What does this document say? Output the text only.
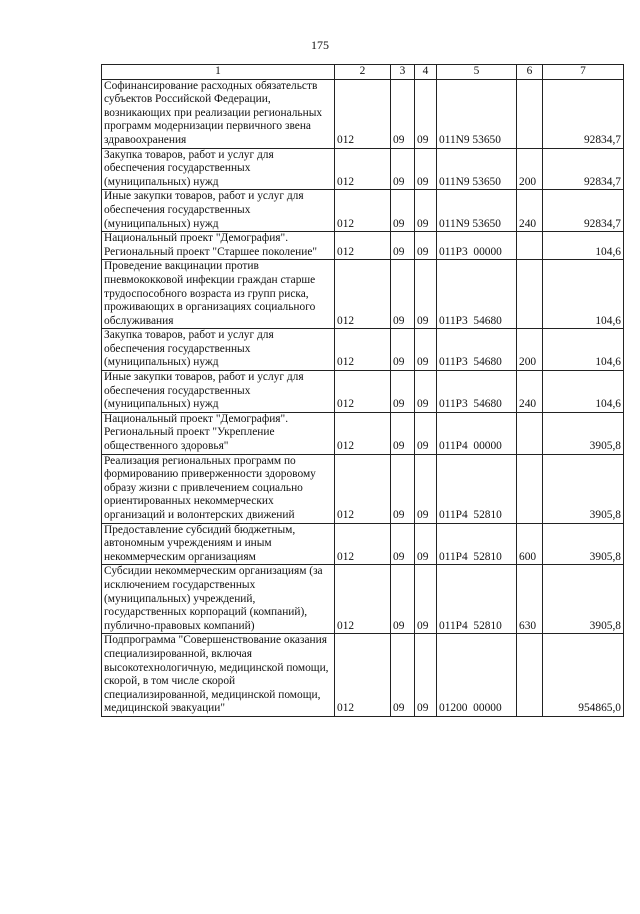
175
1	2	3	4	5	6	7
Софинансирование расходных обязательств субъектов Российской Федерации, возникающих при реализации региональных программ модернизации первичного звена здравоохранения	012	09	09	011N9 53650		92834,7
Закупка товаров, работ и услуг для обеспечения государственных (муниципальных) нужд	012	09	09	011N9 53650	200	92834,7
Иные закупки товаров, работ и услуг для обеспечения государственных (муниципальных) нужд	012	09	09	011N9 53650	240	92834,7
Национальный проект "Демография". Региональный проект "Старшее поколение"	012	09	09	011P3  00000		104,6
Проведение вакцинации против пневмококковой инфекции граждан старше трудоспособного возраста из групп риска, проживающих в организациях социального обслуживания	012	09	09	011P3  54680		104,6
Закупка товаров, работ и услуг для обеспечения государственных (муниципальных) нужд	012	09	09	011P3  54680	200	104,6
Иные закупки товаров, работ и услуг для обеспечения государственных (муниципальных) нужд	012	09	09	011P3  54680	240	104,6
Национальный проект "Демография". Региональный проект "Укрепление общественного здоровья"	012	09	09	011P4  00000		3905,8
Реализация региональных программ по формированию приверженности здоровому образу жизни с привлечением социально ориентированных некоммерческих организаций и волонтерских движений	012	09	09	011P4  52810		3905,8
Предоставление субсидий бюджетным, автономным учреждениям и иным некоммерческим организациям	012	09	09	011P4  52810	600	3905,8
Субсидии некоммерческим организациям (за исключением государственных (муниципальных) учреждений, государственных корпораций (компаний), публично-правовых компаний)	012	09	09	011P4  52810	630	3905,8
Подпрограмма "Совершенствование оказания специализированной, включая высокотехнологичную, медицинской помощи, скорой, в том числе скорой специализированной, медицинской помощи, медицинской эвакуации"	012	09	09	01200  00000		954865,0
